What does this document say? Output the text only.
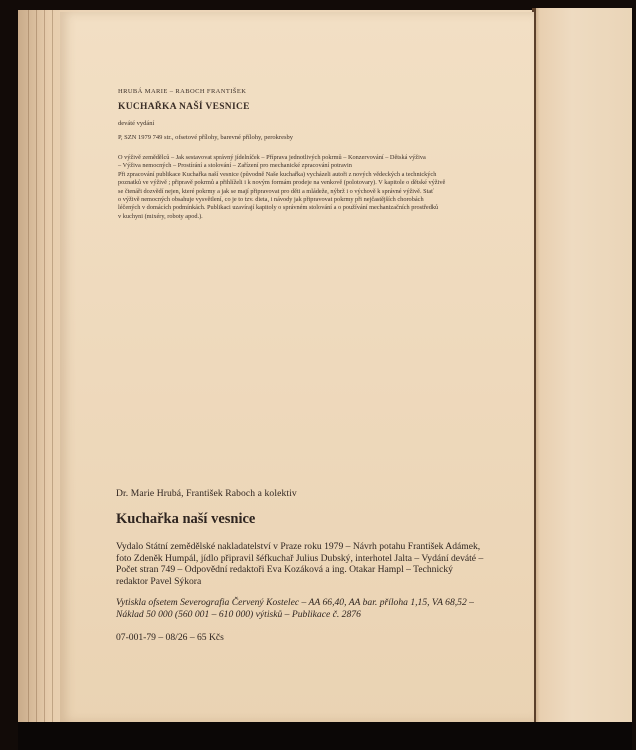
HRUBÁ MARIE – RABOCH FRANTIŠEK
KUCHAŘKA NAŠÍ VESNICE
deváté vydání
P, SZN 1979 749 str., ofsetové přílohy, barevné přílohy, perokresby
O výživě zemědělců – Jak sestavovat správný jídelníček – Příprava jednotlivých pokrmů – Konzervování – Dětská výživa
– Výživa nemocných – Prostírání a stolování – Zařízení pro mechanické zpracování potravin
Při zpracování publikace Kuchařka naší vesnice (původně Naše kuchařka) vycházeli autoři z nových vědeckých a technických
poznatků ve výživě ; připravě pokrmů a přihlíželi i k novým formám prodeje na venkově (polotovary). V kapitole o dětské výživě
se čtenáři dozvědí nejen, které pokrmy a jak se mají připravovat pro děti a mládeže, nýbrž i o výchově k správné výživě. Stať
o výživě nemocných obsahuje vysvětlení, co je to tzv. dieta, i návody jak připravovat pokrmy při nejčastějších chorobách
léčených v domácích podmínkách. Publikaci uzavírají kapitoly o správném stolování a o používání mechanizačních prostředků
v kuchyni (mixéry, roboty apod.).
Dr. Marie Hrubá, František Raboch a kolektiv
Kuchařka naší vesnice
Vydalo Státní zemědělské nakladatelství v Praze roku 1979 – Návrh potahu František Adámek,
foto Zdeněk Humpál, jídlo připravil šéfkuchař Julius Dubský, interhotel Jalta – Vydání deváté –
Počet stran 749 – Odpovědní redaktoři Eva Kozáková a ing. Otakar Hampl – Technický
redaktor Pavel Sýkora
Vytiskla ofsetem Severografia Červený Kostelec – AA 66,40, AA bar. příloha 1,15, VA 68,52 –
Náklad 50 000 (560 001 – 610 000) výtisků – Publikace č. 2876
07-001-79 – 08/26 – 65 Kčs
